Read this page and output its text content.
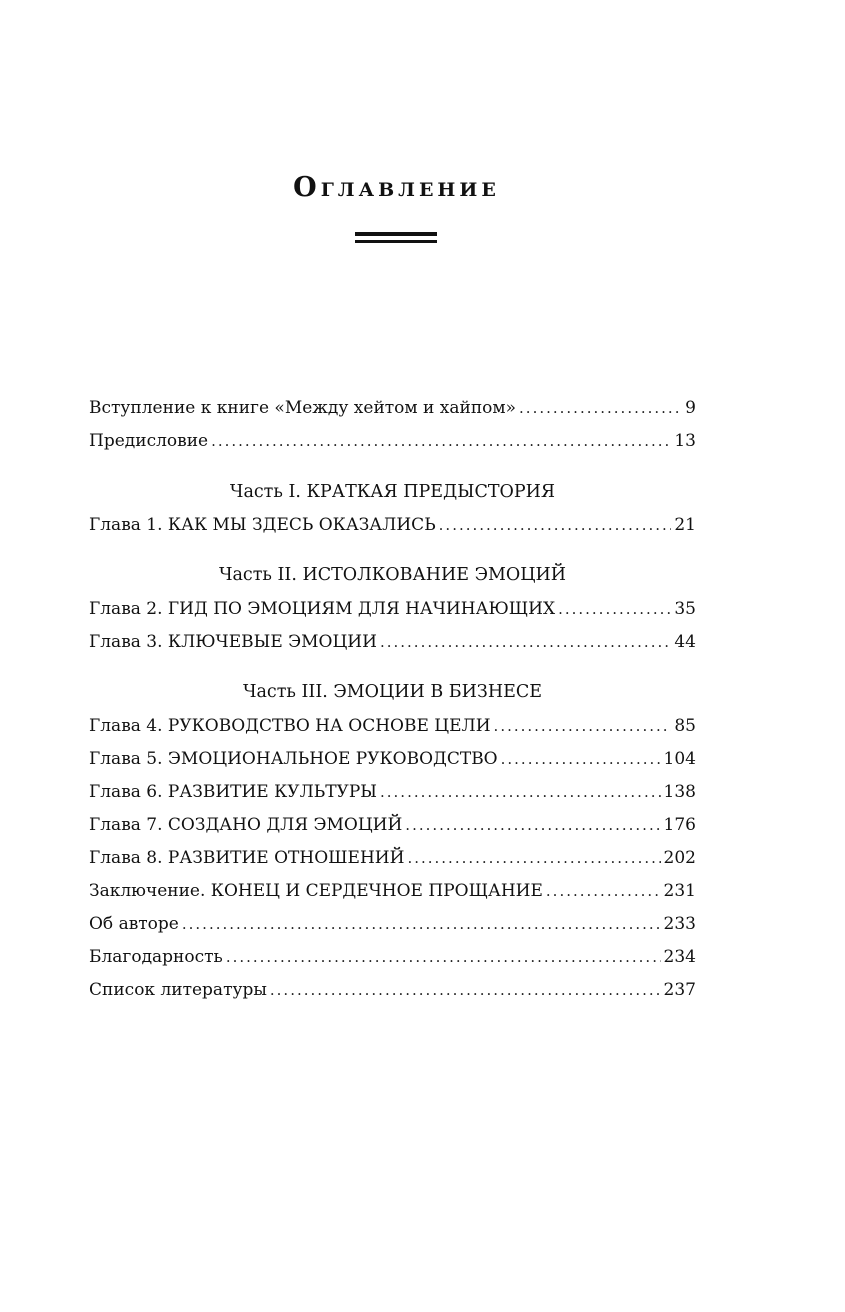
Оглавление
Вступление к книге «Между хейтом и хайпом» .....	9
Предисловие .....	13
Часть I. КРАТКАЯ ПРЕДЫСТОРИЯ
Глава 1. КАК МЫ ЗДЕСЬ ОКАЗАЛИСЬ .....	21
Часть II. ИСТОЛКОВАНИЕ ЭМОЦИЙ
Глава 2. ГИД ПО ЭМОЦИЯМ ДЛЯ НАЧИНАЮЩИХ .....	35
Глава 3. КЛЮЧЕВЫЕ ЭМОЦИИ .....	44
Часть III. ЭМОЦИИ В БИЗНЕСЕ
Глава 4. РУКОВОДСТВО НА ОСНОВЕ ЦЕЛИ .....	85
Глава 5. ЭМОЦИОНАЛЬНОЕ РУКОВОДСТВО .....	104
Глава 6. РАЗВИТИЕ КУЛЬТУРЫ .....	138
Глава 7. СОЗДАНО ДЛЯ ЭМОЦИЙ .....	176
Глава 8. РАЗВИТИЕ ОТНОШЕНИЙ .....	202
Заключение. КОНЕЦ И СЕРДЕЧНОЕ ПРОЩАНИЕ .....	231
Об авторе .....	233
Благодарность .....	234
Список литературы .....	237
